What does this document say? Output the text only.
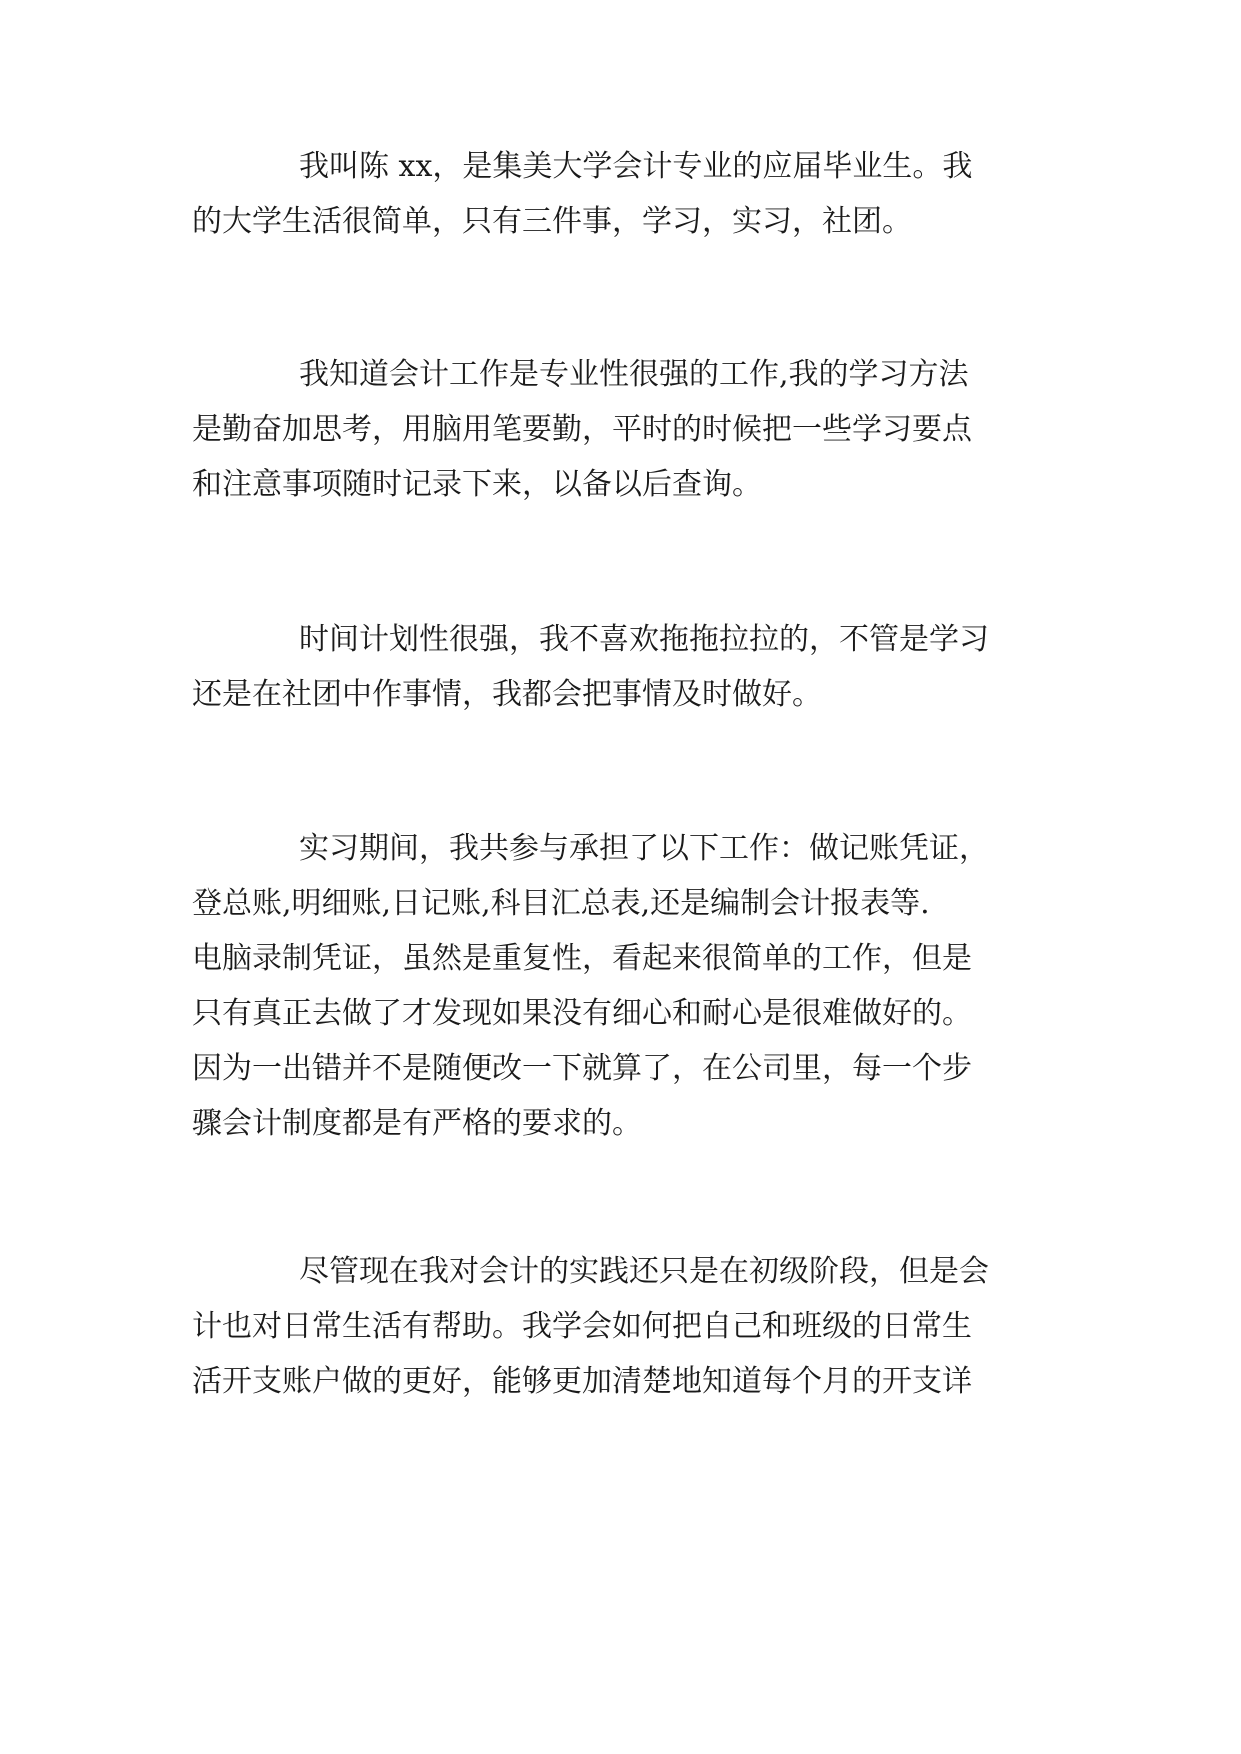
我叫陈 xx，是集美大学会计专业的应届毕业生。我
的大学生活很简单，只有三件事，学习，实习，社团。
我知道会计工作是专业性很强的工作,我的学习方法
是勤奋加思考，用脑用笔要勤，平时的时候把一些学习要点
和注意事项随时记录下来，以备以后查询。
时间计划性很强，我不喜欢拖拖拉拉的，不管是学习
还是在社团中作事情，我都会把事情及时做好。
实习期间，我共参与承担了以下工作：做记账凭证，
登总账,明细账,日记账,科目汇总表,还是编制会计报表等.
电脑录制凭证，虽然是重复性，看起来很简单的工作，但是
只有真正去做了才发现如果没有细心和耐心是很难做好的。
因为一出错并不是随便改一下就算了，在公司里，每一个步
骤会计制度都是有严格的要求的。
尽管现在我对会计的实践还只是在初级阶段，但是会
计也对日常生活有帮助。我学会如何把自己和班级的日常生
活开支账户做的更好，能够更加清楚地知道每个月的开支详
